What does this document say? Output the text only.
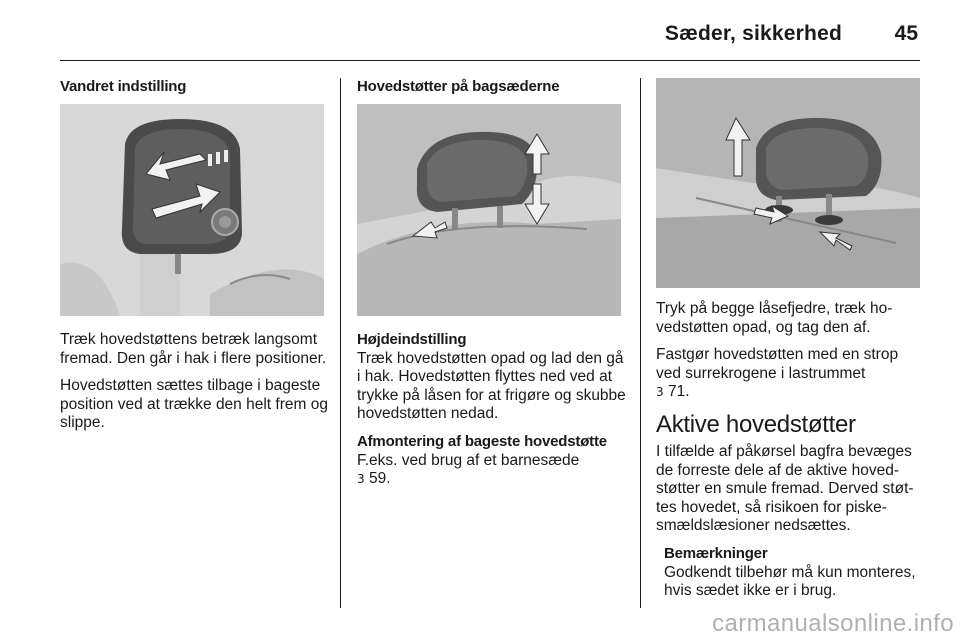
Sæder, sikkerhed	45
Vandret indstilling

Træk hovedstøttens betræk langsomt fremad. Den går i hak i flere positioner.

Hovedstøtten sættes tilbage i bageste position ved at trække den helt frem og slippe.

Hovedstøtter på bagsæderne
Højdeindstilling

Træk hovedstøtten opad og lad den gå i hak. Hovedstøtten flyttes ned ved at trykke på låsen for at frigøre og skubbe hovedstøtten nedad.

Afmontering af bageste hovedstøtte

F.eks. ved brug af et barnesæde
3 59.

Tryk på begge låsefjedre, træk hovedstøtten opad, og tag den af.

Fastgør hovedstøtten med en strop ved surrekrogene i lastrummet
3 71.

Aktive hovedstøtter

I tilfælde af påkørsel bagfra bevæges de forreste dele af de aktive hovedstøtter en smule fremad. Derved støttes hovedet, så risikoen for piskesmældslæsioner nedsættes.

Bemærkninger
Godkendt tilbehør må kun monteres, hvis sædet ikke er i brug.
carmanualsonline.info
